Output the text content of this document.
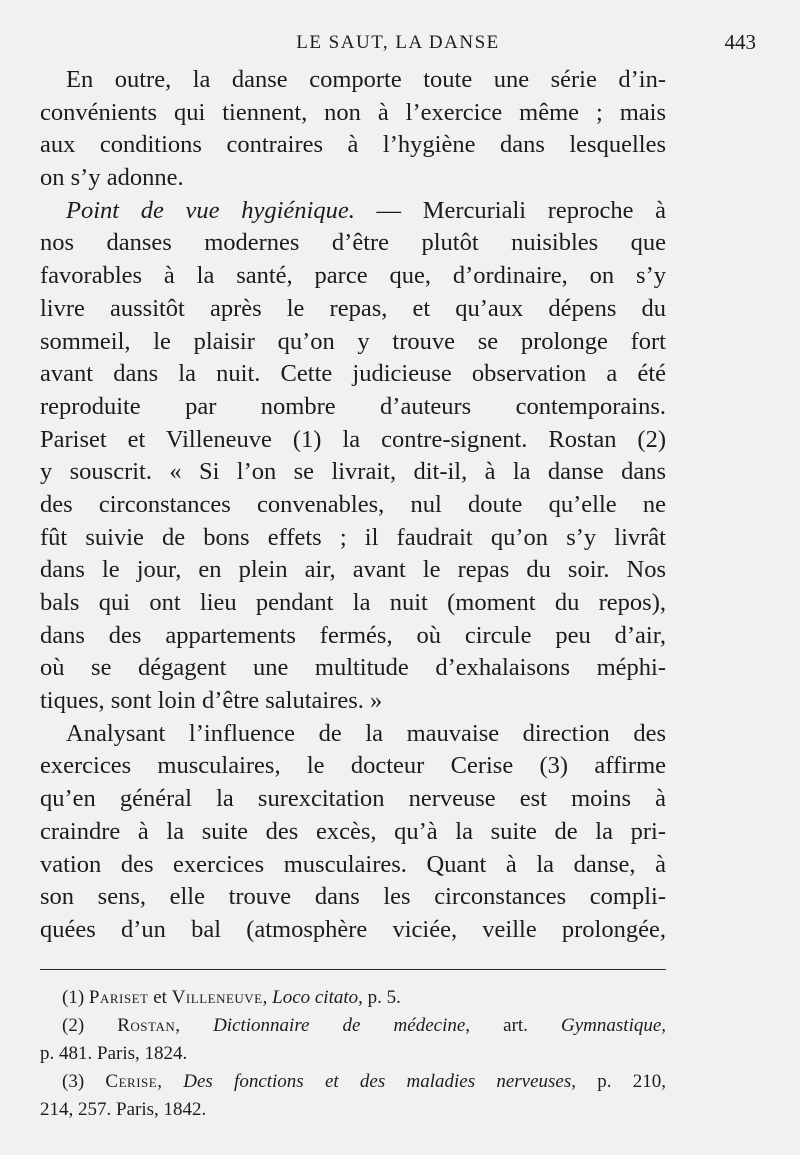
LE SAUT, LA DANSE	443
En outre, la danse comporte toute une série d’in-
convénients qui tiennent, non à l’exercice même ; mais
aux conditions contraires à l’hygiène dans lesquelles
on s’y adonne.
Point de vue hygiénique. — Mercuriali reproche à
nos danses modernes d’être plutôt nuisibles que
favorables à la santé, parce que, d’ordinaire, on s’y
livre aussitôt après le repas, et qu’aux dépens du
sommeil, le plaisir qu’on y trouve se prolonge fort
avant dans la nuit. Cette judicieuse observation a été
reproduite par nombre d’auteurs contemporains.
Pariset et Villeneuve (1) la contre-signent. Rostan (2)
y souscrit. « Si l’on se livrait, dit-il, à la danse dans
des circonstances convenables, nul doute qu’elle ne
fût suivie de bons effets ; il faudrait qu’on s’y livrât
dans le jour, en plein air, avant le repas du soir. Nos
bals qui ont lieu pendant la nuit (moment du repos),
dans des appartements fermés, où circule peu d’air,
où se dégagent une multitude d’exhalaisons méphi-
tiques, sont loin d’être salutaires. »
Analysant l’influence de la mauvaise direction des
exercices musculaires, le docteur Cerise (3) affirme
qu’en général la surexcitation nerveuse est moins à
craindre à la suite des excès, qu’à la suite de la pri-
vation des exercices musculaires. Quant à la danse, à
son sens, elle trouve dans les circonstances compli-
quées d’un bal (atmosphère viciée, veille prolongée,
(1) Pariset et Villeneuve, Loco citato, p. 5.
(2) Rostan, Dictionnaire de médecine, art. Gymnastique,
p. 481. Paris, 1824.
(3) Cerise, Des fonctions et des maladies nerveuses, p. 210,
214, 257. Paris, 1842.
